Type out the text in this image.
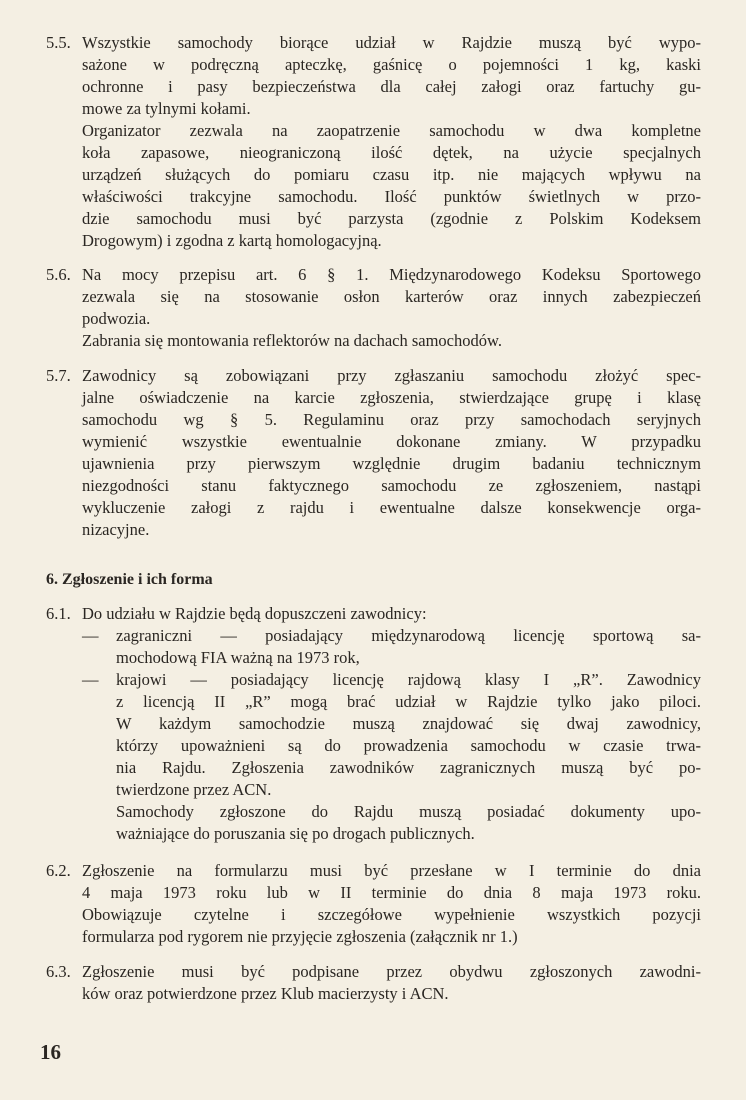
5.5. Wszystkie samochody biorące udział w Rajdzie muszą być wypo-
sażone w podręczną apteczkę, gaśnicę o pojemności 1 kg, kaski
ochronne i pasy bezpieczeństwa dla całej załogi oraz fartuchy gu-
mowe za tylnymi kołami.
Organizator zezwala na zaopatrzenie samochodu w dwa kompletne
koła zapasowe, nieograniczoną ilość dętek, na użycie specjalnych
urządzeń służących do pomiaru czasu itp. nie mających wpływu na
właściwości trakcyjne samochodu. Ilość punktów świetlnych w przo-
dzie samochodu musi być parzysta (zgodnie z Polskim Kodeksem
Drogowym) i zgodna z kartą homologacyjną.
5.6. Na mocy przepisu art. 6 § 1. Międzynarodowego Kodeksu Sportowego
zezwala się na stosowanie osłon karterów oraz innych zabezpieczeń
podwozia.
Zabrania się montowania reflektorów na dachach samochodów.
5.7. Zawodnicy są zobowiązani przy zgłaszaniu samochodu złożyć spec-
jalne oświadczenie na karcie zgłoszenia, stwierdzające grupę i klasę
samochodu wg § 5. Regulaminu oraz przy samochodach seryjnych
wymienić wszystkie ewentualnie dokonane zmiany. W przypadku
ujawnienia przy pierwszym względnie drugim badaniu technicznym
niezgodności stanu faktycznego samochodu ze zgłoszeniem, nastąpi
wykluczenie załogi z rajdu i ewentualne dalsze konsekwencje orga-
nizacyjne.
6. Zgłoszenie i ich forma
6.1. Do udziału w Rajdzie będą dopuszczeni zawodnicy:
— zagraniczni — posiadający międzynarodową licencję sportową sa-
mochodową FIA ważną na 1973 rok,
— krajowi — posiadający licencję rajdową klasy I „R”. Zawodnicy
z licencją II „R” mogą brać udział w Rajdzie tylko jako piloci.
W każdym samochodzie muszą znajdować się dwaj zawodnicy,
którzy upoważnieni są do prowadzenia samochodu w czasie trwa-
nia Rajdu. Zgłoszenia zawodników zagranicznych muszą być po-
twierdzone przez ACN.
Samochody zgłoszone do Rajdu muszą posiadać dokumenty upo-
ważniające do poruszania się po drogach publicznych.
6.2. Zgłoszenie na formularzu musi być przesłane w I terminie do dnia
4 maja 1973 roku lub w II terminie do dnia 8 maja 1973 roku.
Obowiązuje czytelne i szczegółowe wypełnienie wszystkich pozycji
formularza pod rygorem nie przyjęcie zgłoszenia (załącznik nr 1.)
6.3. Zgłoszenie musi być podpisane przez obydwu zgłoszonych zawodni-
ków oraz potwierdzone przez Klub macierzysty i ACN.
16
